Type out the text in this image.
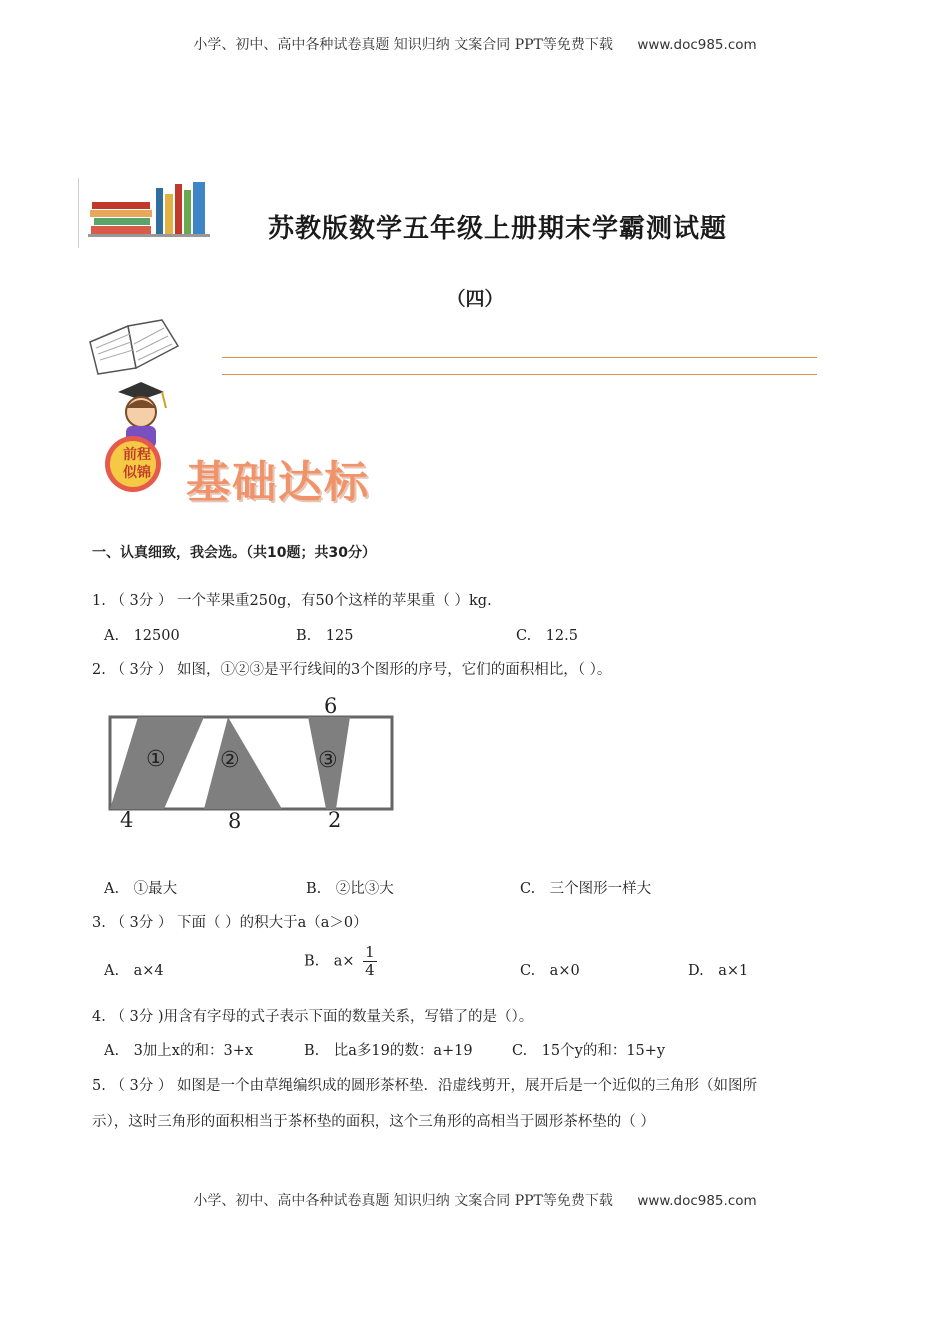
小学、初中、高中各种试卷真题 知识归纳 文案合同 PPT等免费下载 www.doc985.com
苏教版数学五年级上册期末学霸测试题
（四）
前程
似锦 基础达标
一、认真细致，我会选。（共10题；共30分）
1. （ 3分 ） 一个苹果重250g，有50个这样的苹果重（ ）kg.
A.　12500	B.　125	C.　12.5
2. （ 3分 ） 如图，①②③是平行线间的3个图形的序号，它们的面积相比，（ ）。
① ②	③
6
4	8	2
A.　①最大	B.　②比③大	C.　三个图形一样大
3. （ 3分 ） 下面（ ）的积大于a（a＞0）
A.　a×4
B.　$a\times \frac{1}{4}$	C.　a×0	D.　a×1
4. （ 3分 )用含有字母的式子表示下面的数量关系，写错了的是（）。
A.　3加上x的和：3+x	B.　比a多19的数：a+19	C.　15个y的和：15+y
5. （ 3分 ） 如图是一个由草绳编织成的圆形茶杯垫．沿虚线剪开，展开后是一个近似的三角形（如图所
示），这时三角形的面积相当于茶杯垫的面积，这个三角形的高相当于圆形茶杯垫的（ ）
小学、初中、高中各种试卷真题 知识归纳 文案合同 PPT等免费下载 www.doc985.com
